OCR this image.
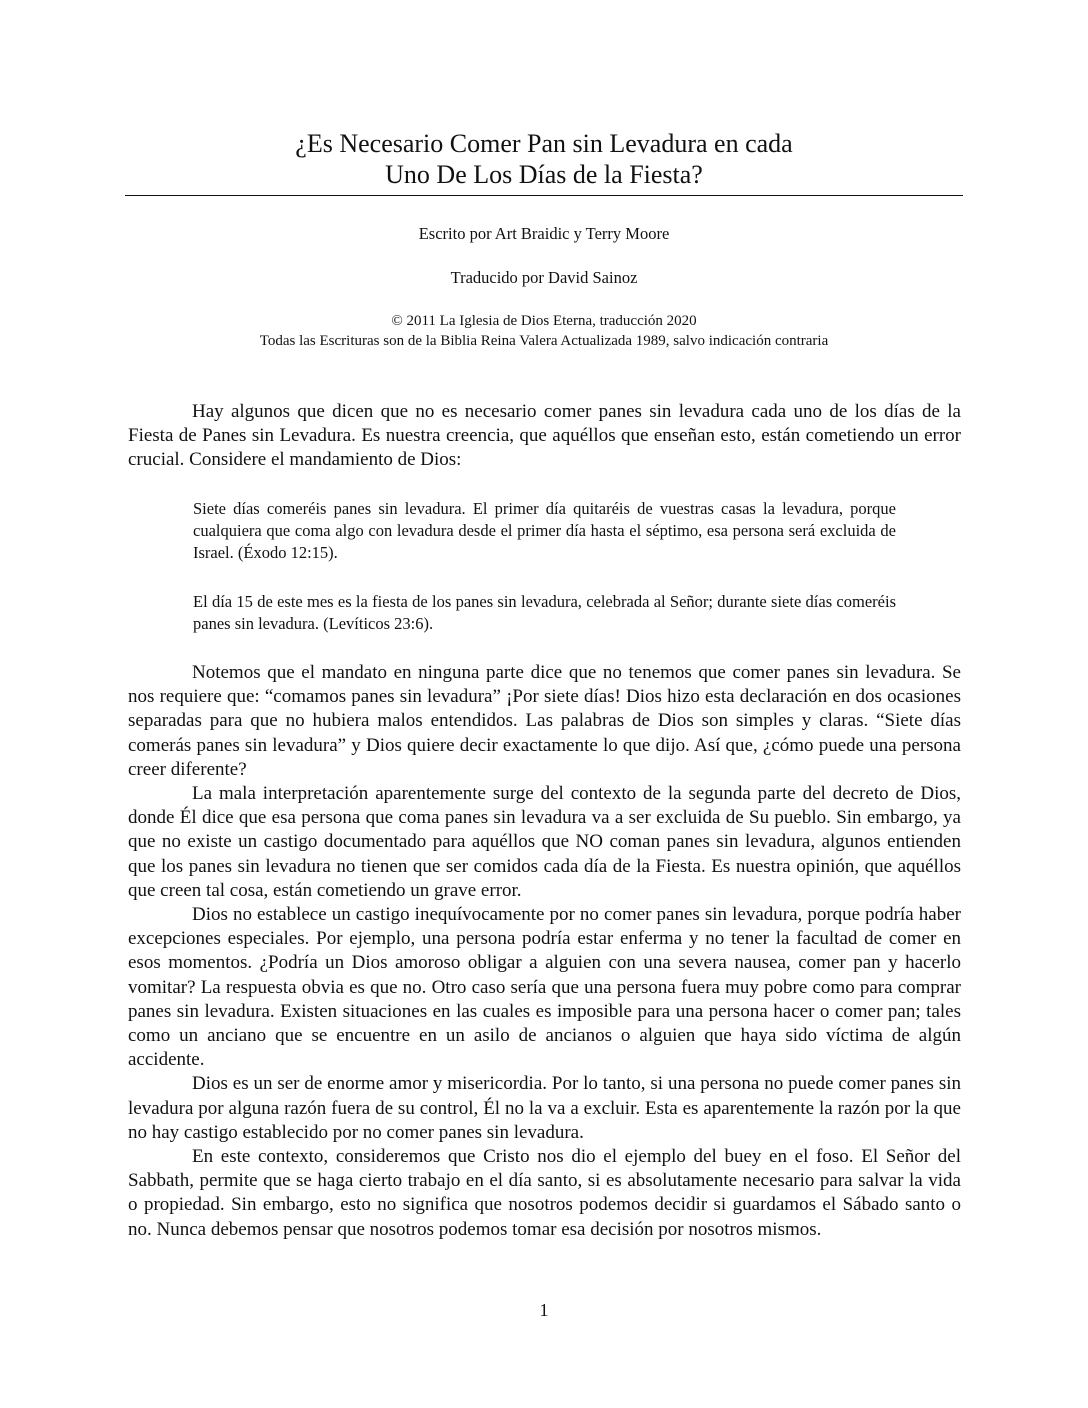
¿Es Necesario Comer Pan sin Levadura en cada
Uno De Los Días de la Fiesta?
Escrito por Art Braidic y Terry Moore
Traducido por David Sainoz
© 2011 La Iglesia de Dios Eterna, traducción 2020
Todas las Escrituras son de la Biblia Reina Valera Actualizada 1989, salvo indicación contraria

Hay algunos que dicen que no es necesario comer panes sin levadura cada uno de los días de la Fiesta de Panes sin Levadura. Es nuestra creencia, que aquéllos que enseñan esto, están cometiendo un error crucial. Considere el mandamiento de Dios:

Siete días comeréis panes sin levadura. El primer día quitaréis de vuestras casas la levadura, porque cualquiera que coma algo con levadura desde el primer día hasta el séptimo, esa persona será excluida de Israel. (Éxodo 12:15).

El día 15 de este mes es la fiesta de los panes sin levadura, celebrada al Señor; durante siete días comeréis panes sin levadura. (Levíticos 23:6).

Notemos que el mandato en ninguna parte dice que no tenemos que comer panes sin levadura. Se nos requiere que: “comamos panes sin levadura” ¡Por siete días! Dios hizo esta declaración en dos ocasiones separadas para que no hubiera malos entendidos. Las palabras de Dios son simples y claras. “Siete días comerás panes sin levadura” y Dios quiere decir exactamente lo que dijo. Así que, ¿cómo puede una persona creer diferente?

La mala interpretación aparentemente surge del contexto de la segunda parte del decreto de Dios, donde Él dice que esa persona que coma panes sin levadura va a ser excluida de Su pueblo. Sin embargo, ya que no existe un castigo documentado para aquéllos que NO coman panes sin levadura, algunos entienden que los panes sin levadura no tienen que ser comidos cada día de la Fiesta. Es nuestra opinión, que aquéllos que creen tal cosa, están cometiendo un grave error.

Dios no establece un castigo inequívocamente por no comer panes sin levadura, porque podría haber excepciones especiales. Por ejemplo, una persona podría estar enferma y no tener la facultad de comer en esos momentos. ¿Podría un Dios amoroso obligar a alguien con una severa nausea, comer pan y hacerlo vomitar? La respuesta obvia es que no. Otro caso sería que una persona fuera muy pobre como para comprar panes sin levadura. Existen situaciones en las cuales es imposible para una persona hacer o comer pan; tales como un anciano que se encuentre en un asilo de ancianos o alguien que haya sido víctima de algún accidente.

Dios es un ser de enorme amor y misericordia. Por lo tanto, si una persona no puede comer panes sin levadura por alguna razón fuera de su control, Él no la va a excluir. Esta es aparentemente la razón por la que no hay castigo establecido por no comer panes sin levadura.

En este contexto, consideremos que Cristo nos dio el ejemplo del buey en el foso. El Señor del Sabbath, permite que se haga cierto trabajo en el día santo, si es absolutamente necesario para salvar la vida o propiedad. Sin embargo, esto no significa que nosotros podemos decidir si guardamos el Sábado santo o no. Nunca debemos pensar que nosotros podemos tomar esa decisión por nosotros mismos.

1
